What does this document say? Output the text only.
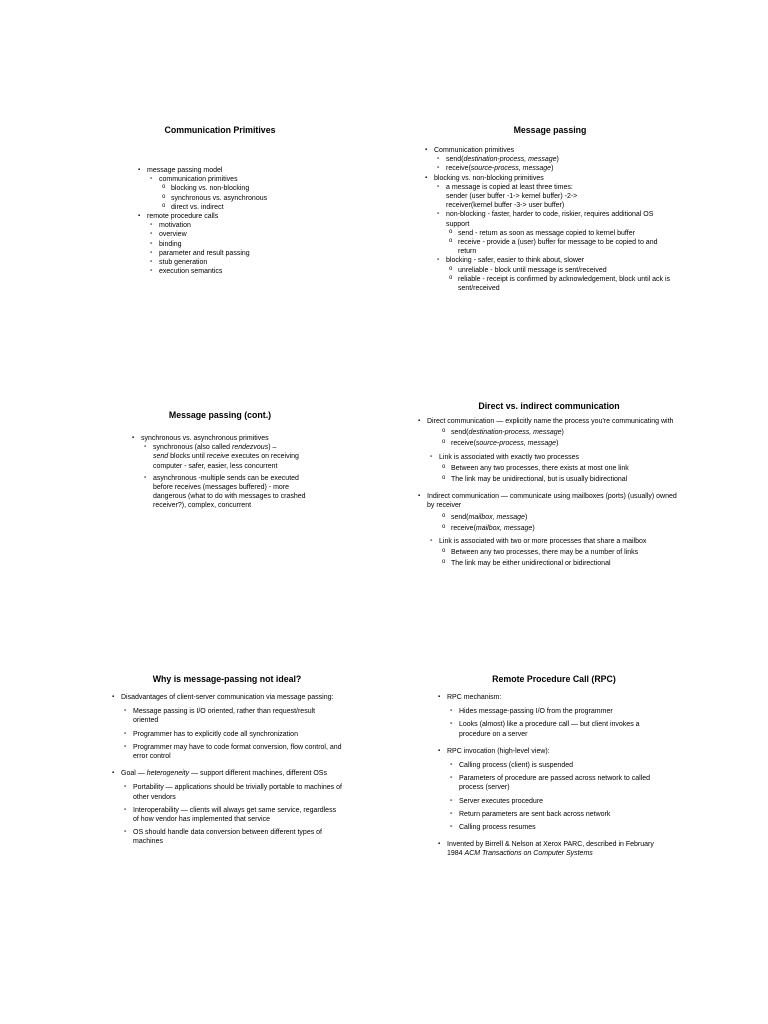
Communication Primitives
▪ message passing model
- communication primitives
o blocking vs. non-blocking
o synchronous vs. asynchronous
o direct vs. indirect
▪ remote procedure calls
- motivation
- overview
- binding
- parameter and result passing
- stub generation
- execution semantics
Message passing
▪ Communication primitives
- send(destination-process, message)
- receive(source-process, message)
▪ blocking vs. non-blocking primitives
- a message is copied at least three times:
sender (user buffer -1-> kernel buffer) -2->
receiver(kernel buffer -3-> user buffer)
- non-blocking - faster, harder to code, riskier, requires additional OS support
o send - return as soon as message copied to kernel buffer
o receive - provide a (user) buffer for message to be copied to and return
- blocking - safer, easier to think about, slower
o unreliable - block until message is sent/received
o reliable - receipt is confirmed by acknowledgement, block until ack is sent/received
Message passing (cont.)
▪ synchronous vs. asynchronous primitives
- synchronous (also called rendezvous) –
send blocks until receive executes on receiving computer - safer, easier, less concurrent
- asynchronous -multiple sends can be executed before receives (messages buffered) - more dangerous (what to do with messages to crashed receiver?), complex, concurrent
Direct vs. indirect communication
▪ Direct communication — explicitly name the process you're communicating with
o send(destination-process, message)
o receive(source-process, message)
- Link is associated with exactly two processes
o Between any two processes, there exists at most one link
o The link may be unidirectional, but is usually bidirectional
▪ Indirect communication — communicate using mailboxes (ports) (usually) owned by receiver
o send(mailbox, message)
o receive(mailbox, message)
- Link is associated with two or more processes that share a mailbox
o Between any two processes, there may be a number of links
o The link may be either unidirectional or bidirectional
Why is message-passing not ideal?
▪ Disadvantages of client-server communication via message passing:
- Message passing is I/O oriented, rather than request/result oriented
- Programmer has to explicitly code all synchronization
- Programmer may have to code format conversion, flow control, and error control
▪ Goal — heterogeneity — support different machines, different OSs
- Portability — applications should be trivially portable to machines of other vendors
- Interoperability — clients will always get same service, regardless of how vendor has implemented that service
- OS should handle data conversion between different types of machines
Remote Procedure Call (RPC)
▪ RPC mechanism:
- Hides message-passing I/O from the programmer
- Looks (almost) like a procedure call — but client invokes a procedure on a server
▪ RPC invocation (high-level view):
- Calling process (client) is suspended
- Parameters of procedure are passed across network to called process (server)
- Server executes procedure
- Return parameters are sent back across network
- Calling process resumes
▪ Invented by Birrell & Nelson at Xerox PARC, described in February 1984 ACM Transactions on Computer Systems
